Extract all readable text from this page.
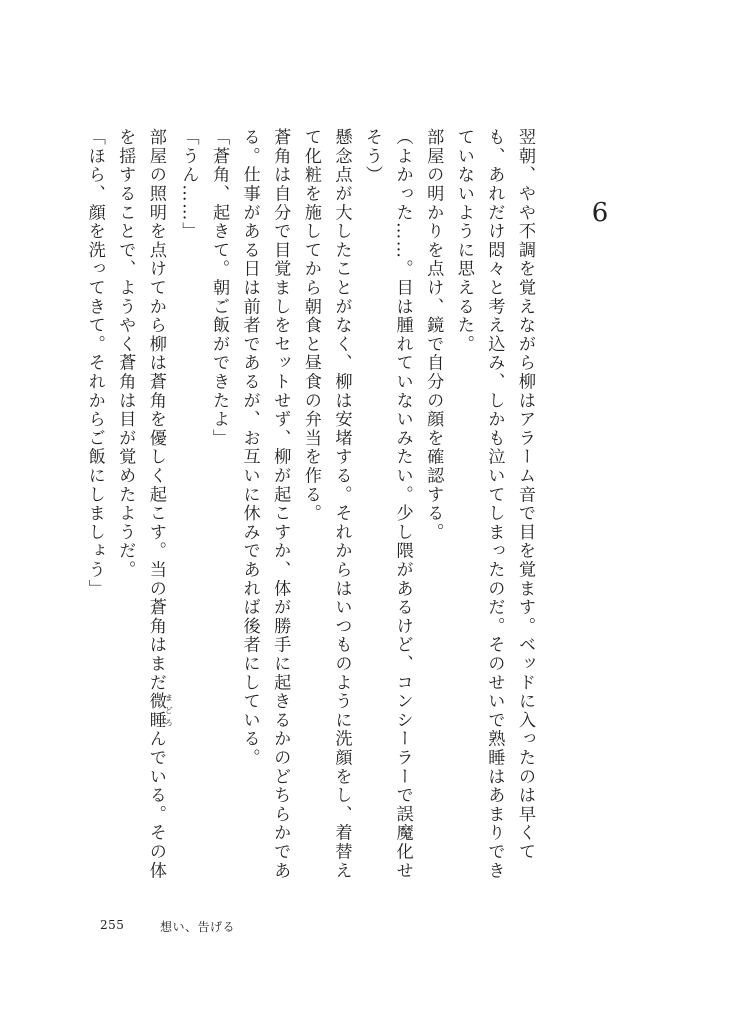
6

翌朝、やや不調を覚えながら柳はアラーム音で目を覚ます。ベッドに入ったのは早くても、あれだけ悶々と考え込み、しかも泣いてしまったのだ。そのせいで熟睡はあまりできていないように思えるた。

部屋の明かりを点け、鏡で自分の顔を確認する。

（よかった……。目は腫れていないみたい。少し隈があるけど、コンシーラーで誤魔化せそう）

懸念点が大したことがなく、柳は安堵する。それからはいつものように洗顔をし、着替えて化粧を施してから朝食と昼食の弁当を作る。

蒼角は自分で目覚ましをセットせず、柳が起こすか、体が勝手に起きるかのどちらかである。仕事がある日は前者であるが、お互いに休みであれば後者にしている。

「蒼角、起きて。朝ご飯ができたよ」

「うん……」

部屋の照明を点けてから柳は蒼角を優しく起こす。当の蒼角はまだ微睡まどろんでいる。その体を揺することで、ようやく蒼角は目が覚めたようだ。

「ほら、顔を洗ってきて。それからご飯にしましょう」

255	想い、告げる
